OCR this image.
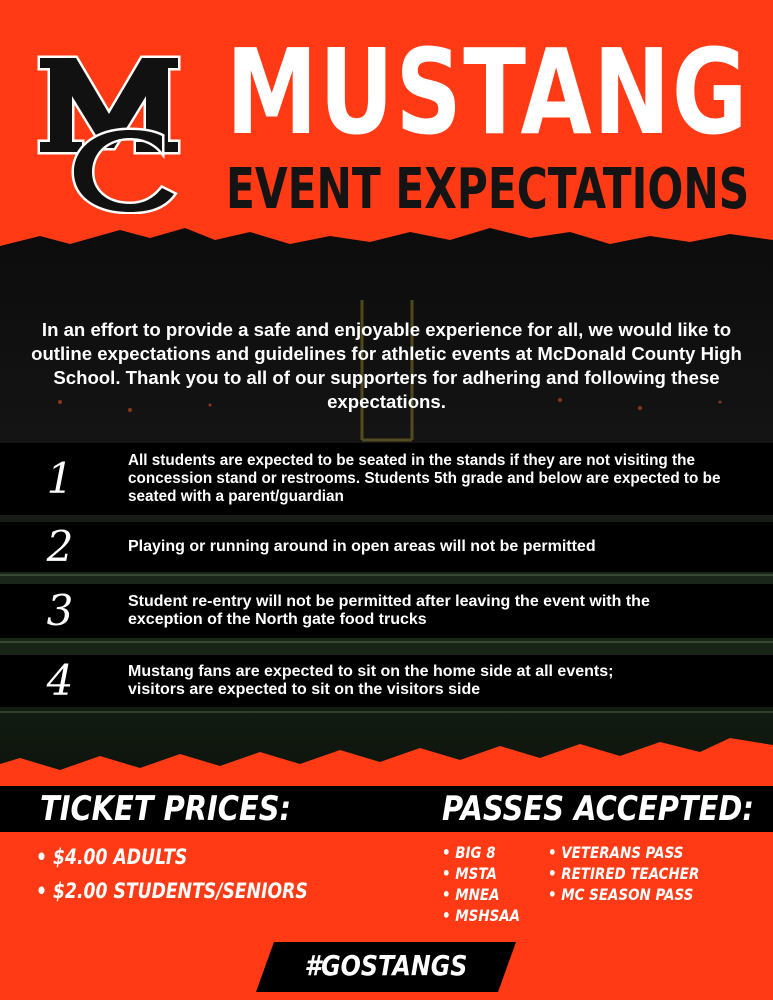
MUSTANG
EVENT EXPECTATIONS
In an effort to provide a safe and enjoyable experience for all, we would like to outline expectations and guidelines for athletic events at McDonald County High School. Thank you to all of our supporters for adhering and following these expectations.
1	All students are expected to be seated in the stands if they are not visiting the concession stand or restrooms. Students 5th grade and below are expected to be seated with a parent/guardian
2	Playing or running around in open areas will not be permitted
3	Student re-entry will not be permitted after leaving the event with the exception of the North gate food trucks
4	Mustang fans are expected to sit on the home side at all events; visitors are expected to sit on the visitors side
TICKET PRICES:	PASSES ACCEPTED:
• $4.00 ADULTS
• $2.00 STUDENTS/SENIORS
• BIG 8
• MSTA
• MNEA
• MSHSAA
• VETERANS PASS
• RETIRED TEACHER
• MC SEASON PASS
#GOSTANGS
